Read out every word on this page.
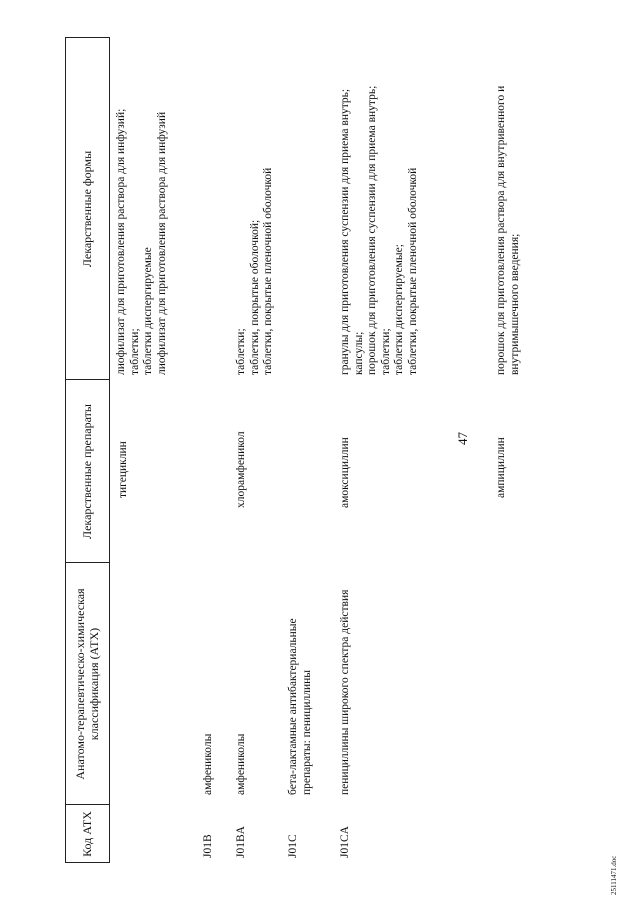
47
Код АТХ
Анатомо-терапевтическо-химическая классификация (АТХ)
Лекарственные препараты
Лекарственные формы
тигециклин
лиофилизат для приготовления раствора для инфузий;
таблетки;
таблетки диспергируемые
лиофилизат для приготовления раствора для инфузий
J01B
амфениколы
J01BA
амфениколы
хлорамфеникол
таблетки;
таблетки, покрытые оболочкой;
таблетки, покрытые пленочной оболочкой
J01C
бета-лактамные антибактериальные препараты: пенициллины
J01CA
пенициллины широкого спектра действия
амоксициллин
гранулы для приготовления суспензии для приема внутрь;
капсулы;
порошок для приготовления суспензии для приема внутрь;
таблетки;
таблетки диспергируемые;
таблетки, покрытые пленочной оболочкой
ампициллин
порошок для приготовления раствора для внутривенного и внутримышечного введения;
25111471.doc
